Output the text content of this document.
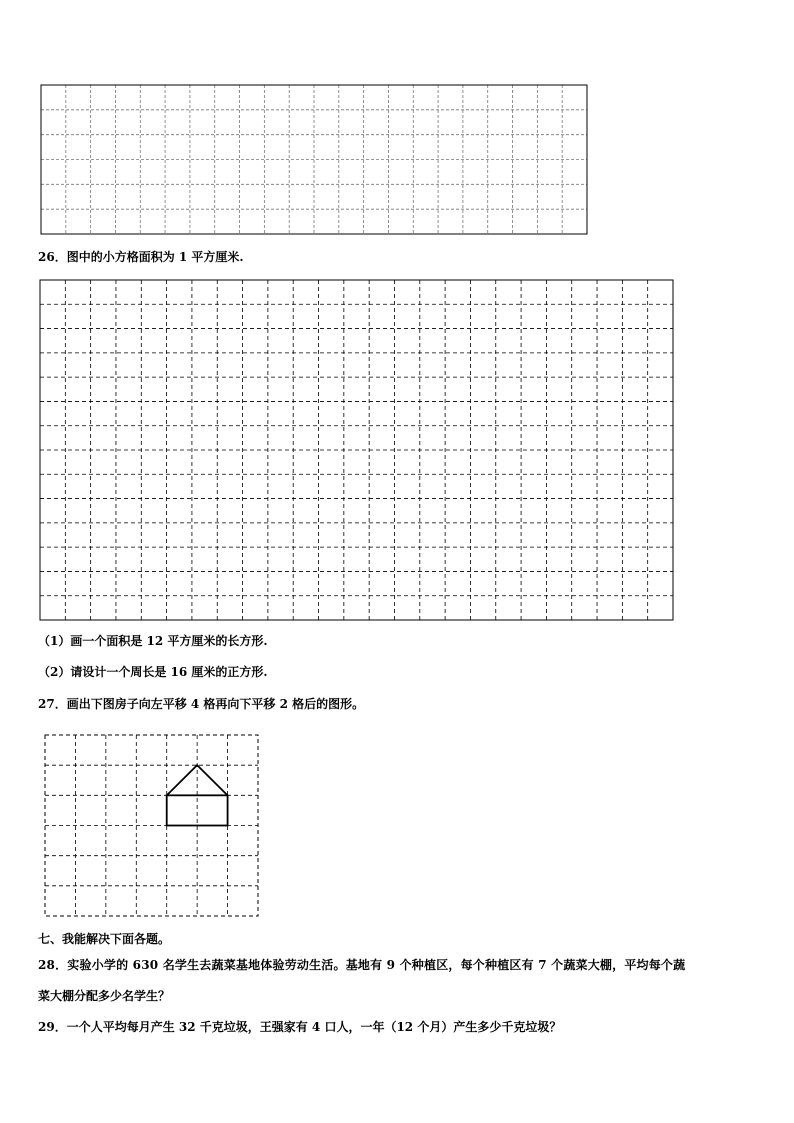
26．图中的小方格面积为 1 平方厘米.
（1）画一个面积是 12 平方厘米的长方形.
（2）请设计一个周长是 16 厘米的正方形.
27．画出下图房子向左平移 4 格再向下平移 2 格后的图形。
七、我能解决下面各题。
28．实验小学的 630 名学生去蔬菜基地体验劳动生活。基地有 9 个种植区，每个种植区有 7 个蔬菜大棚，平均每个蔬
菜大棚分配多少名学生？
29．一个人平均每月产生 32 千克垃圾，王强家有 4 口人，一年（12 个月）产生多少千克垃圾？
